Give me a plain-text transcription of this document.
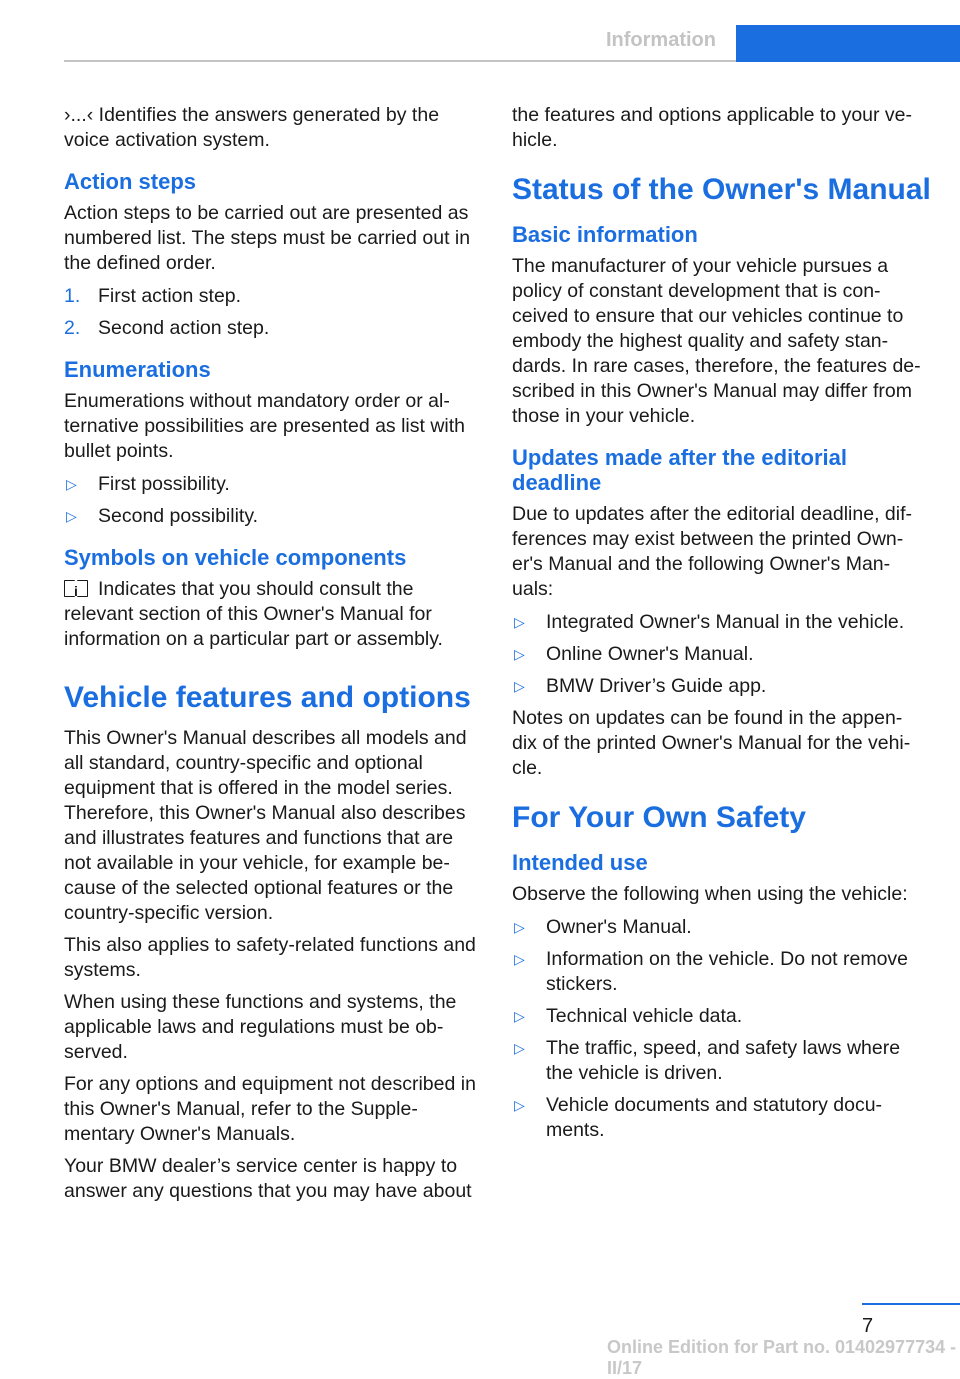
Information

›...‹ Identifies the answers generated by the voice activation system.

Action steps

Action steps to be carried out are presented as numbered list. The steps must be carried out in the defined order.

1. First action step.
2. Second action step.
Enumerations

Enumerations without mandatory order or al- ternative possibilities are presented as list with bullet points.

▷ First possibility.
▷ Second possibility.
Symbols on vehicle components

i Indicates that you should consult the relevant section of this Owner's Manual for information on a particular part or assembly.

Vehicle features and options

This Owner's Manual describes all models and all standard, country-specific and optional equipment that is offered in the model series. Therefore, this Owner's Manual also describes and illustrates features and functions that are not available in your vehicle, for example be- cause of the selected optional features or the country-specific version.

This also applies to safety-related functions and systems.

When using these functions and systems, the applicable laws and regulations must be ob- served.

For any options and equipment not described in this Owner's Manual, refer to the Supple- mentary Owner's Manuals.

Your BMW dealer’s service center is happy to answer any questions that you may have about

the features and options applicable to your ve- hicle.

Status of the Owner's Manual
Basic information

The manufacturer of your vehicle pursues a policy of constant development that is con- ceived to ensure that our vehicles continue to embody the highest quality and safety stan- dards. In rare cases, therefore, the features de- scribed in this Owner's Manual may differ from those in your vehicle.

Updates made after the editorial deadline

Due to updates after the editorial deadline, dif- ferences may exist between the printed Own- er's Manual and the following Owner's Man- uals:

▷ Integrated Owner's Manual in the vehicle.
▷ Online Owner's Manual.
▷ BMW Driver’s Guide app.

Notes on updates can be found in the appen- dix of the printed Owner's Manual for the vehi- cle.

For Your Own Safety
Intended use

Observe the following when using the vehicle:

▷ Owner's Manual.
▷ Information on the vehicle. Do not remove stickers.
▷ Technical vehicle data.
▷ The traffic, speed, and safety laws where the vehicle is driven.
▷ Vehicle documents and statutory docu- ments.
7
Online Edition for Part no. 01402977734 - II/17
